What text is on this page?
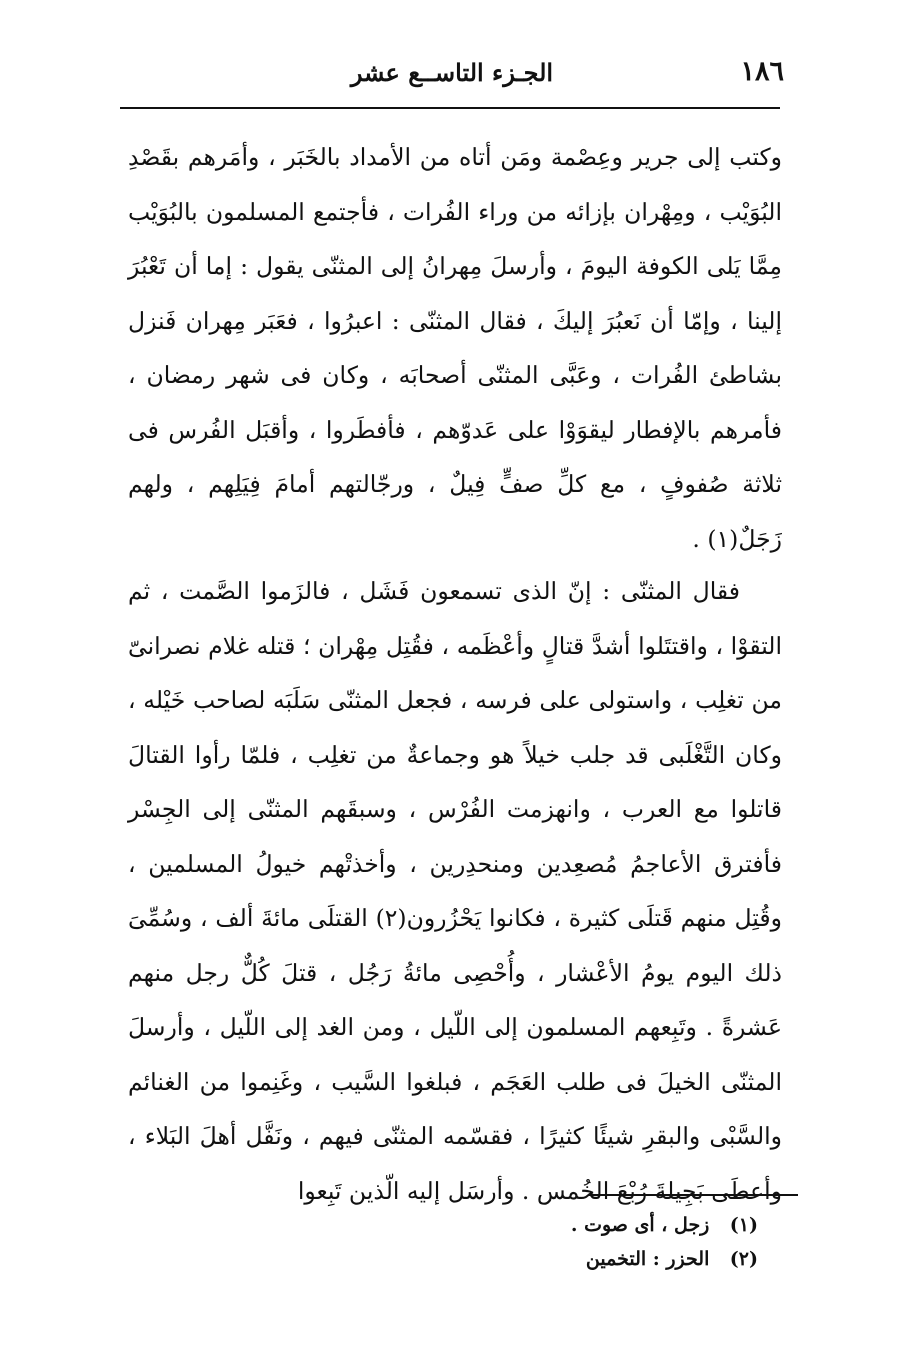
١٨٦
الجـزء التاســع عشر

وكتب إلى جرير وعِصْمة ومَن أتاه من الأمداد بالخَبَر ، وأمَرهم بقَصْدِ البُوَيْب ، ومِهْران بإزائه من وراء الفُرات ، فأجتمع المسلمون بالبُوَيْب مِمَّا يَلى الكوفة اليومَ ، وأرسلَ مِهرانُ إلى المثنّى يقول : إما أن تَعْبُرَ إلينا ، وإمّا أن نَعبُرَ إليكَ ، فقال المثنّى : اعبرُوا ، فعَبَر مِهران فَنزل بشاطئ الفُرات ، وعَبَّى المثنّى أصحابَه ، وكان فى شهر رمضان ، فأمرهم بالإفطار ليقوَوْا على عَدوّهم ، فأفطَروا ، وأقبَل الفُرس فى ثلاثة صُفوفٍ ، مع كلِّ صفٍّ فِيلٌ ، ورجّالتهم أمامَ فِيَلِهم ، ولهم زَجَلٌ(١) .

فقال المثنّى : إنّ الذى تسمعون فَشَل ، فالزَموا الصَّمت ، ثم التقوْا ، واقتتَلوا أشدَّ قتالٍ وأعْظَمه ، فقُتِل مِهْران ؛ قتله غلام نصرانىّ من تغلِب ، واستولى على فرسه ، فجعل المثنّى سَلَبَه لصاحب خَيْله ، وكان التَّغْلَبى قد جلب خيلاً هو وجماعةٌ من تغلِب ، فلمّا رأوا القتالَ قاتلوا مع العرب ، وانهزمت الفُرْس ، وسبقَهم المثنّى إلى الجِسْر فأفترق الأعاجمُ مُصعِدين ومنحدِرين ، وأخذتْهم خيولُ المسلمين ، وقُتِل منهم قَتلَى كثيرة ، فكانوا يَحْزُرون(٢) القتلَى مائةَ ألف ، وسُمِّىَ ذلك اليوم يومُ الأعْشار ، وأُحْصِى مائةُ رَجُل ، قتلَ كُلٌّ رجل منهم عَشرةً . وتَبِعهم المسلمون إلى اللّيل ، ومن الغد إلى اللّيل ، وأرسلَ المثنّى الخيلَ فى طلب العَجَم ، فبلغوا السَّيب ، وغَنِموا من الغنائم والسَّبْى والبقرِ شيئًا كثيرًا ، فقسّمه المثنّى فيهم ، ونَفَّل أهلَ البَلاء ، وأعطَى بَجِيلةَ رُبْعَ الخُمس . وأرسَل إليه الّذين تَبِعوا

(١) زجل ، أى صوت .
(٢) الحزر : التخمين
